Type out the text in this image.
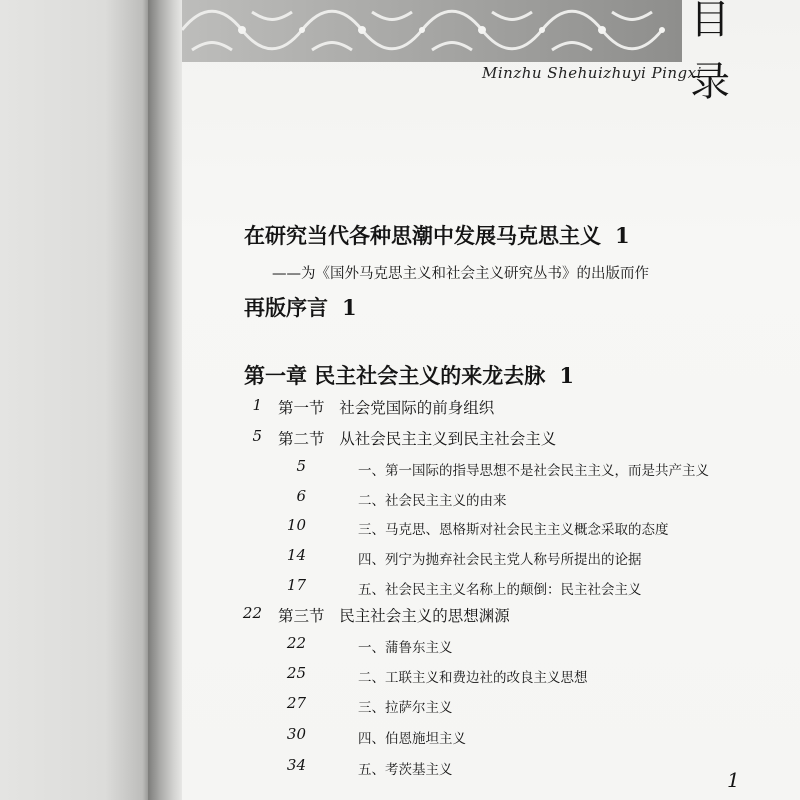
目
录
Minzhu Shehuizhuyi Pingxi
在研究当代各种思潮中发展马克思主义 1
——为《国外马克思主义和社会主义研究丛书》的出版而作
再版序言 1
第一章 民主社会主义的来龙去脉 1
1 第一节 社会党国际的前身组织
5 第二节 从社会民主主义到民主社会主义
5	一、第一国际的指导思想不是社会民主主义，而是共产主义
6	二、社会民主主义的由来
10	三、马克思、恩格斯对社会民主主义概念采取的态度
14	四、列宁为抛弃社会民主党人称号所提出的论据
17	五、社会民主主义名称上的颠倒：民主社会主义
22 第三节 民主社会主义的思想渊源
22	一、蒲鲁东主义
25	二、工联主义和费边社的改良主义思想
27	三、拉萨尔主义
30	四、伯恩施坦主义
34	五、考茨基主义	1
